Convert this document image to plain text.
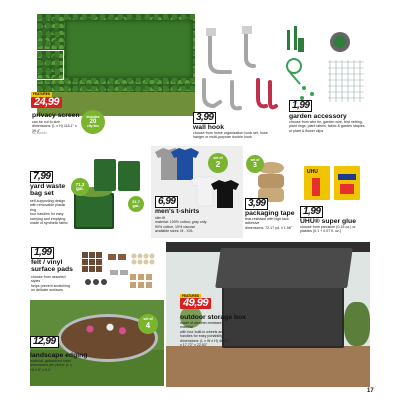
includes
20
clip ties
FEATURED
24,99
privacy screen
can be cut to size
dimensions: (L x H) 118.1" x 39.4"
No. 3XXXXX
3,99
wall hook
choose from home organization hook set, hose hanger or multi-purpose double hook
1,99
garden accessory
choose from wire tie, garden wire, bird netting, plant rings, plant labels, fabric & garden staples or plant & flower clips
71.3
gal.
31.7
gal.
7,99
yard waste bag set
self-supporting design with removable plastic ring
four handles for easy carrying and emptying
made of synthetic fabric
set of
2
6,99
men's t-shirts
slim fit
material: 100% cotton; gray only: 90% cotton, 10% viscose
available sizes: M - XXL
set of
3
3,99
packaging tape
tear-resistant with high tack adhesive
dimensions: 72.17 yd. x 1.96"
UHU
1,99
UHU® super glue
choose from precision (0.15 oz.) or plastics (0.1 + 0.07 fl. oz.)
1,99
felt / vinyl surface pads
choose from assorted styles
helps prevent scratching on delicate surfaces
set of
4
12,99
landscape edging
material: galvanized steel
dimensions per piece: (L x H) 3.9" x 5.1"
FEATURED
49,99
outdoor storage box
made of weather-resistant material
with four built-in wheels and handles for easy portability
dimensions: (L x W x H) 46.85" x 17.72" x 22.83"
17
